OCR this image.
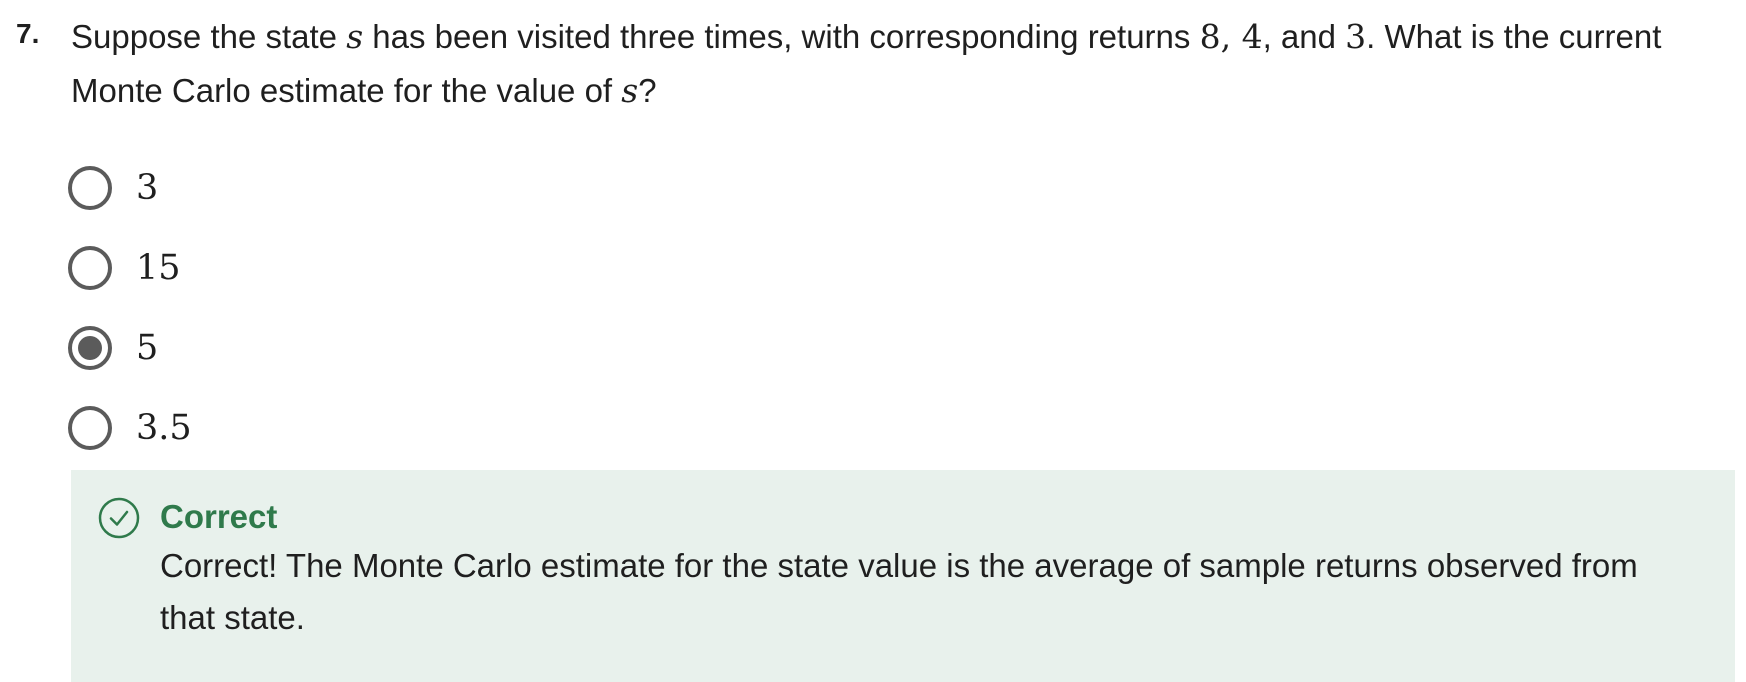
7. Suppose the state s has been visited three times, with corresponding returns 8, 4, and 3. What is the current Monte Carlo estimate for the value of s?
3
15
5
3.5
Correct
Correct! The Monte Carlo estimate for the state value is the average of sample returns observed from that state.
